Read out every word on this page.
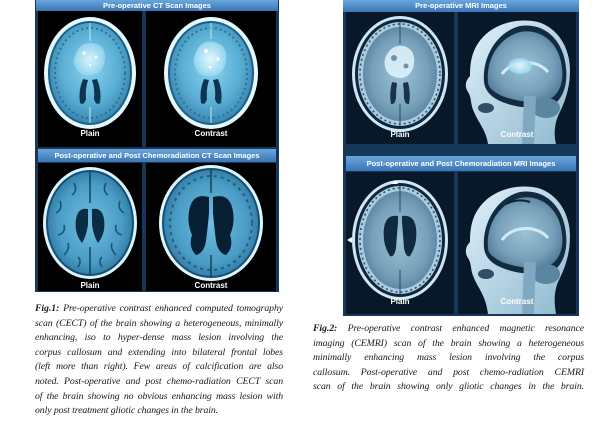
Pre-operative CT Scan Images
Plain	Contrast
Post-operative and Post Chemoradiation CT Scan Images
Plain	Contrast
Pre-operative MRI Images
Plain	Contrast
Post-operative and Post Chemoradiation MRI Images
Plain	Contrast
Fig.1: Pre-operative contrast enhanced computed tomography
scan (CECT) of the brain showing a heterogeneous, minimally
enhancing, iso to hyper-dense mass lesion involving the
corpus callosum and extending into bilateral frontal lobes
(left more than right). Few areas of calcification are also
noted. Post-operative and post chemo-radiation CECT scan
of the brain showing no obvious enhancing mass lesion with
only post treatment gliotic changes in the brain.
Fig.2: Pre-operative contrast enhanced magnetic resonance
imaging (CEMRI) scan of the brain showing a heterogeneous
minimally enhancing mass lesion involving the corpus
callosum. Post-operative and post chemo-radiation CEMRI
scan of the brain showing only gliotic changes in the brain.
